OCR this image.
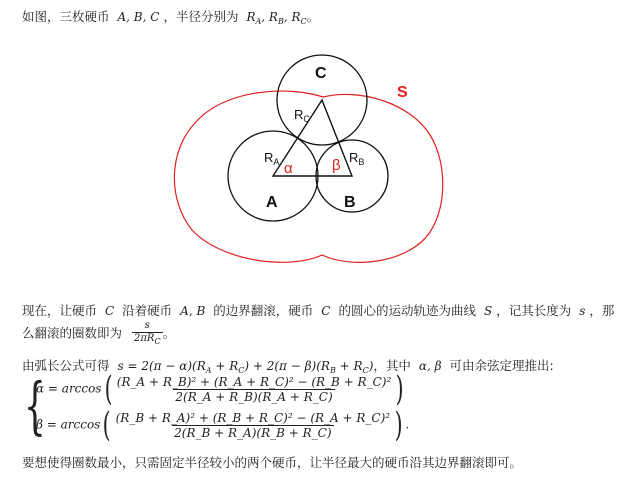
如图，三枚硬币 A, B, C ，半径分别为 $R_A$, $R_B$, $R_C$。
C
A	B
$R_C$
$R_A$	$R_B$
α	β
S
现在，让硬币 C 沿着硬币 A, B 的边界翻滚，硬币 C 的圆心的运动轨迹为曲线 S ，记其长度为 s ，那
么翻滚的圈数即为 $\frac{s}{2\pi R_C}$ 。
由弧长公式可得 $s = 2(\pi - \alpha)(R_A + R_C) + 2(\pi - \beta)(R_B + R_C)$，其中 α, β 可由余弦定理推出:
{
$\alpha = \arccos( \frac{\text{(R\_A + R\_B)² + (R\_A + R\_C)² − (R\_B + R\_C)²}}{2(R\_A + R\_B)(R\_A + R\_C)}$ )
$\beta = \arccos( \frac{\text{(R\_B + R\_A)² + (R\_B + R\_C)² − (R\_A + R\_C)²}}{2(R\_B + R\_A)(R\_B + R\_C)}$ ) .
要想使得圈数最小，只需固定半径较小的两个硬币，让半径最大的硬币沿其边界翻滚即可。
